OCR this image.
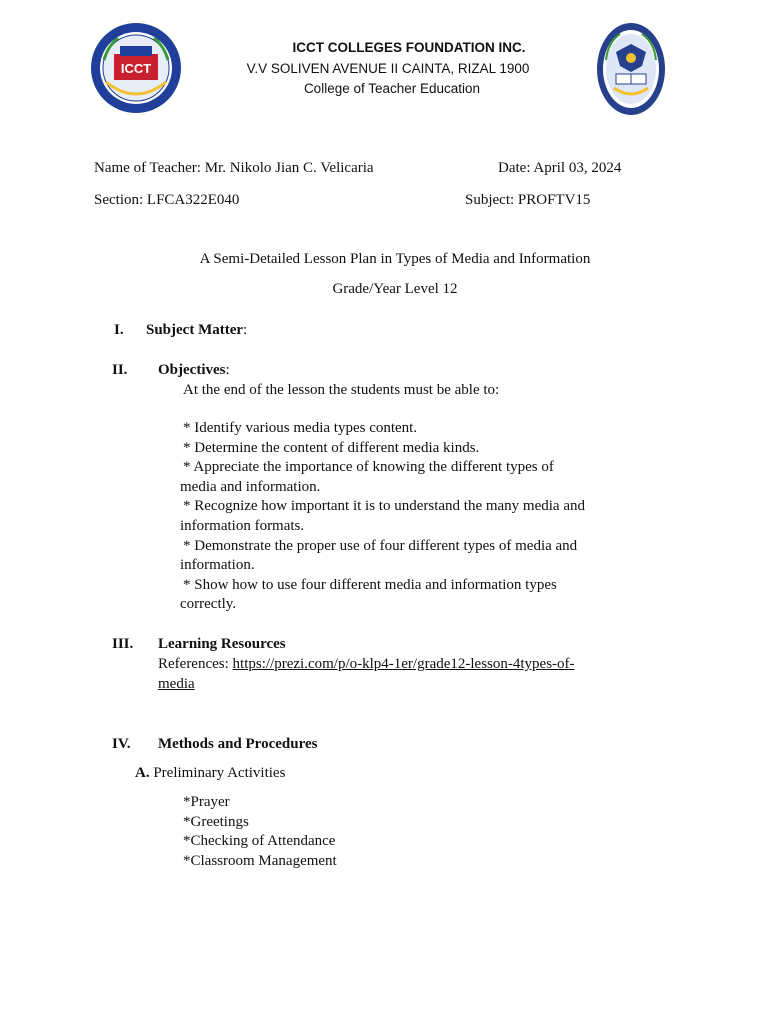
ICCT
ICCT COLLEGES FOUNDATION INC.
V.V SOLIVEN AVENUE II CAINTA, RIZAL 1900
College of Teacher Education
Name of Teacher: Mr. Nikolo Jian C. Velicaria	Date: April 03, 2024
Section: LFCA322E040	Subject: PROFTV15
A Semi-Detailed Lesson Plan in Types of Media and Information
Grade/Year Level 12
I. Subject Matter:
II. Objectives:
At the end of the lesson the students must be able to:
* Identify various media types content.
* Determine the content of different media kinds.
* Appreciate the importance of knowing the different types of
media and information.
* Recognize how important it is to understand the many media and
information formats.
* Demonstrate the proper use of four different types of media and
information.
* Show how to use four different media and information types
correctly.
III. Learning Resources
References: https://prezi.com/p/o-klp4-1er/grade12-lesson-4types-of-
media
IV. Methods and Procedures
A. Preliminary Activities
*Prayer
*Greetings
*Checking of Attendance
*Classroom Management
